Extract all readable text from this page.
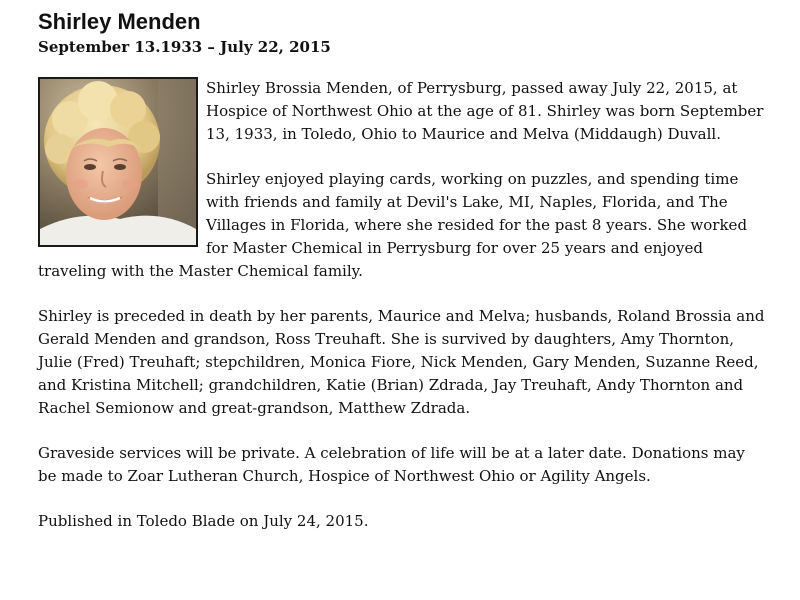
Shirley Menden
September 13.1933 – July 22, 2015

Shirley Brossia Menden, of Perrysburg, passed away July 22, 2015, at Hospice of Northwest Ohio at the age of 81. Shirley was born September 13, 1933, in Toledo, Ohio to Maurice and Melva (Middaugh) Duvall.

Shirley enjoyed playing cards, working on puzzles, and spending time with friends and family at Devil's Lake, MI, Naples, Florida, and The Villages in Florida, where she resided for the past 8 years. She worked for Master Chemical in Perrysburg for over 25 years and enjoyed traveling with the Master Chemical family.

Shirley is preceded in death by her parents, Maurice and Melva; husbands, Roland Brossia and Gerald Menden and grandson, Ross Treuhaft. She is survived by daughters, Amy Thornton, Julie (Fred) Treuhaft; stepchildren, Monica Fiore, Nick Menden, Gary Menden, Suzanne Reed, and Kristina Mitchell; grandchildren, Katie (Brian) Zdrada, Jay Treuhaft, Andy Thornton and Rachel Semionow and great-grandson, Matthew Zdrada.

Graveside services will be private. A celebration of life will be at a later date. Donations may be made to Zoar Lutheran Church, Hospice of Northwest Ohio or Agility Angels.

Published in Toledo Blade on July 24, 2015.
